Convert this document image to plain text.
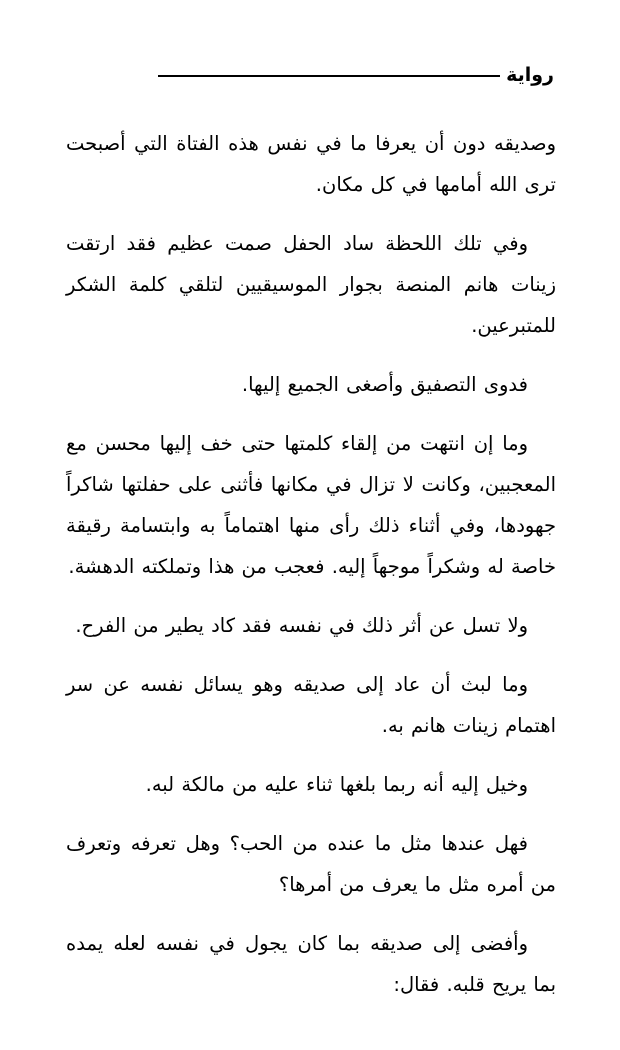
رواية

وصديقه دون أن يعرفا ما في نفس هذه الفتاة التي أصبحت ترى الله أمامها في كل مكان.

وفي تلك اللحظة ساد الحفل صمت عظيم فقد ارتقت زينات هانم المنصة بجوار الموسيقيين لتلقي كلمة الشكر للمتبرعين.

فدوى التصفيق وأصغى الجميع إليها.

وما إن انتهت من إلقاء كلمتها حتى خف إليها محسن مع المعجبين، وكانت لا تزال في مكانها فأثنى على حفلتها شاكراً جهودها، وفي أثناء ذلك رأى منها اهتماماً به وابتسامة رقيقة خاصة له وشكراً موجهاً إليه. فعجب من هذا وتملكته الدهشة.

ولا تسل عن أثر ذلك في نفسه فقد كاد يطير من الفرح.

وما لبث أن عاد إلى صديقه وهو يسائل نفسه عن سر اهتمام زينات هانم به.

وخيل إليه أنه ربما بلغها ثناء عليه من مالكة لبه.

فهل عندها مثل ما عنده من الحب؟ وهل تعرفه وتعرف من أمره مثل ما يعرف من أمرها؟

وأفضى إلى صديقه بما كان يجول في نفسه لعله يمده بما يريح قلبه. فقال:
